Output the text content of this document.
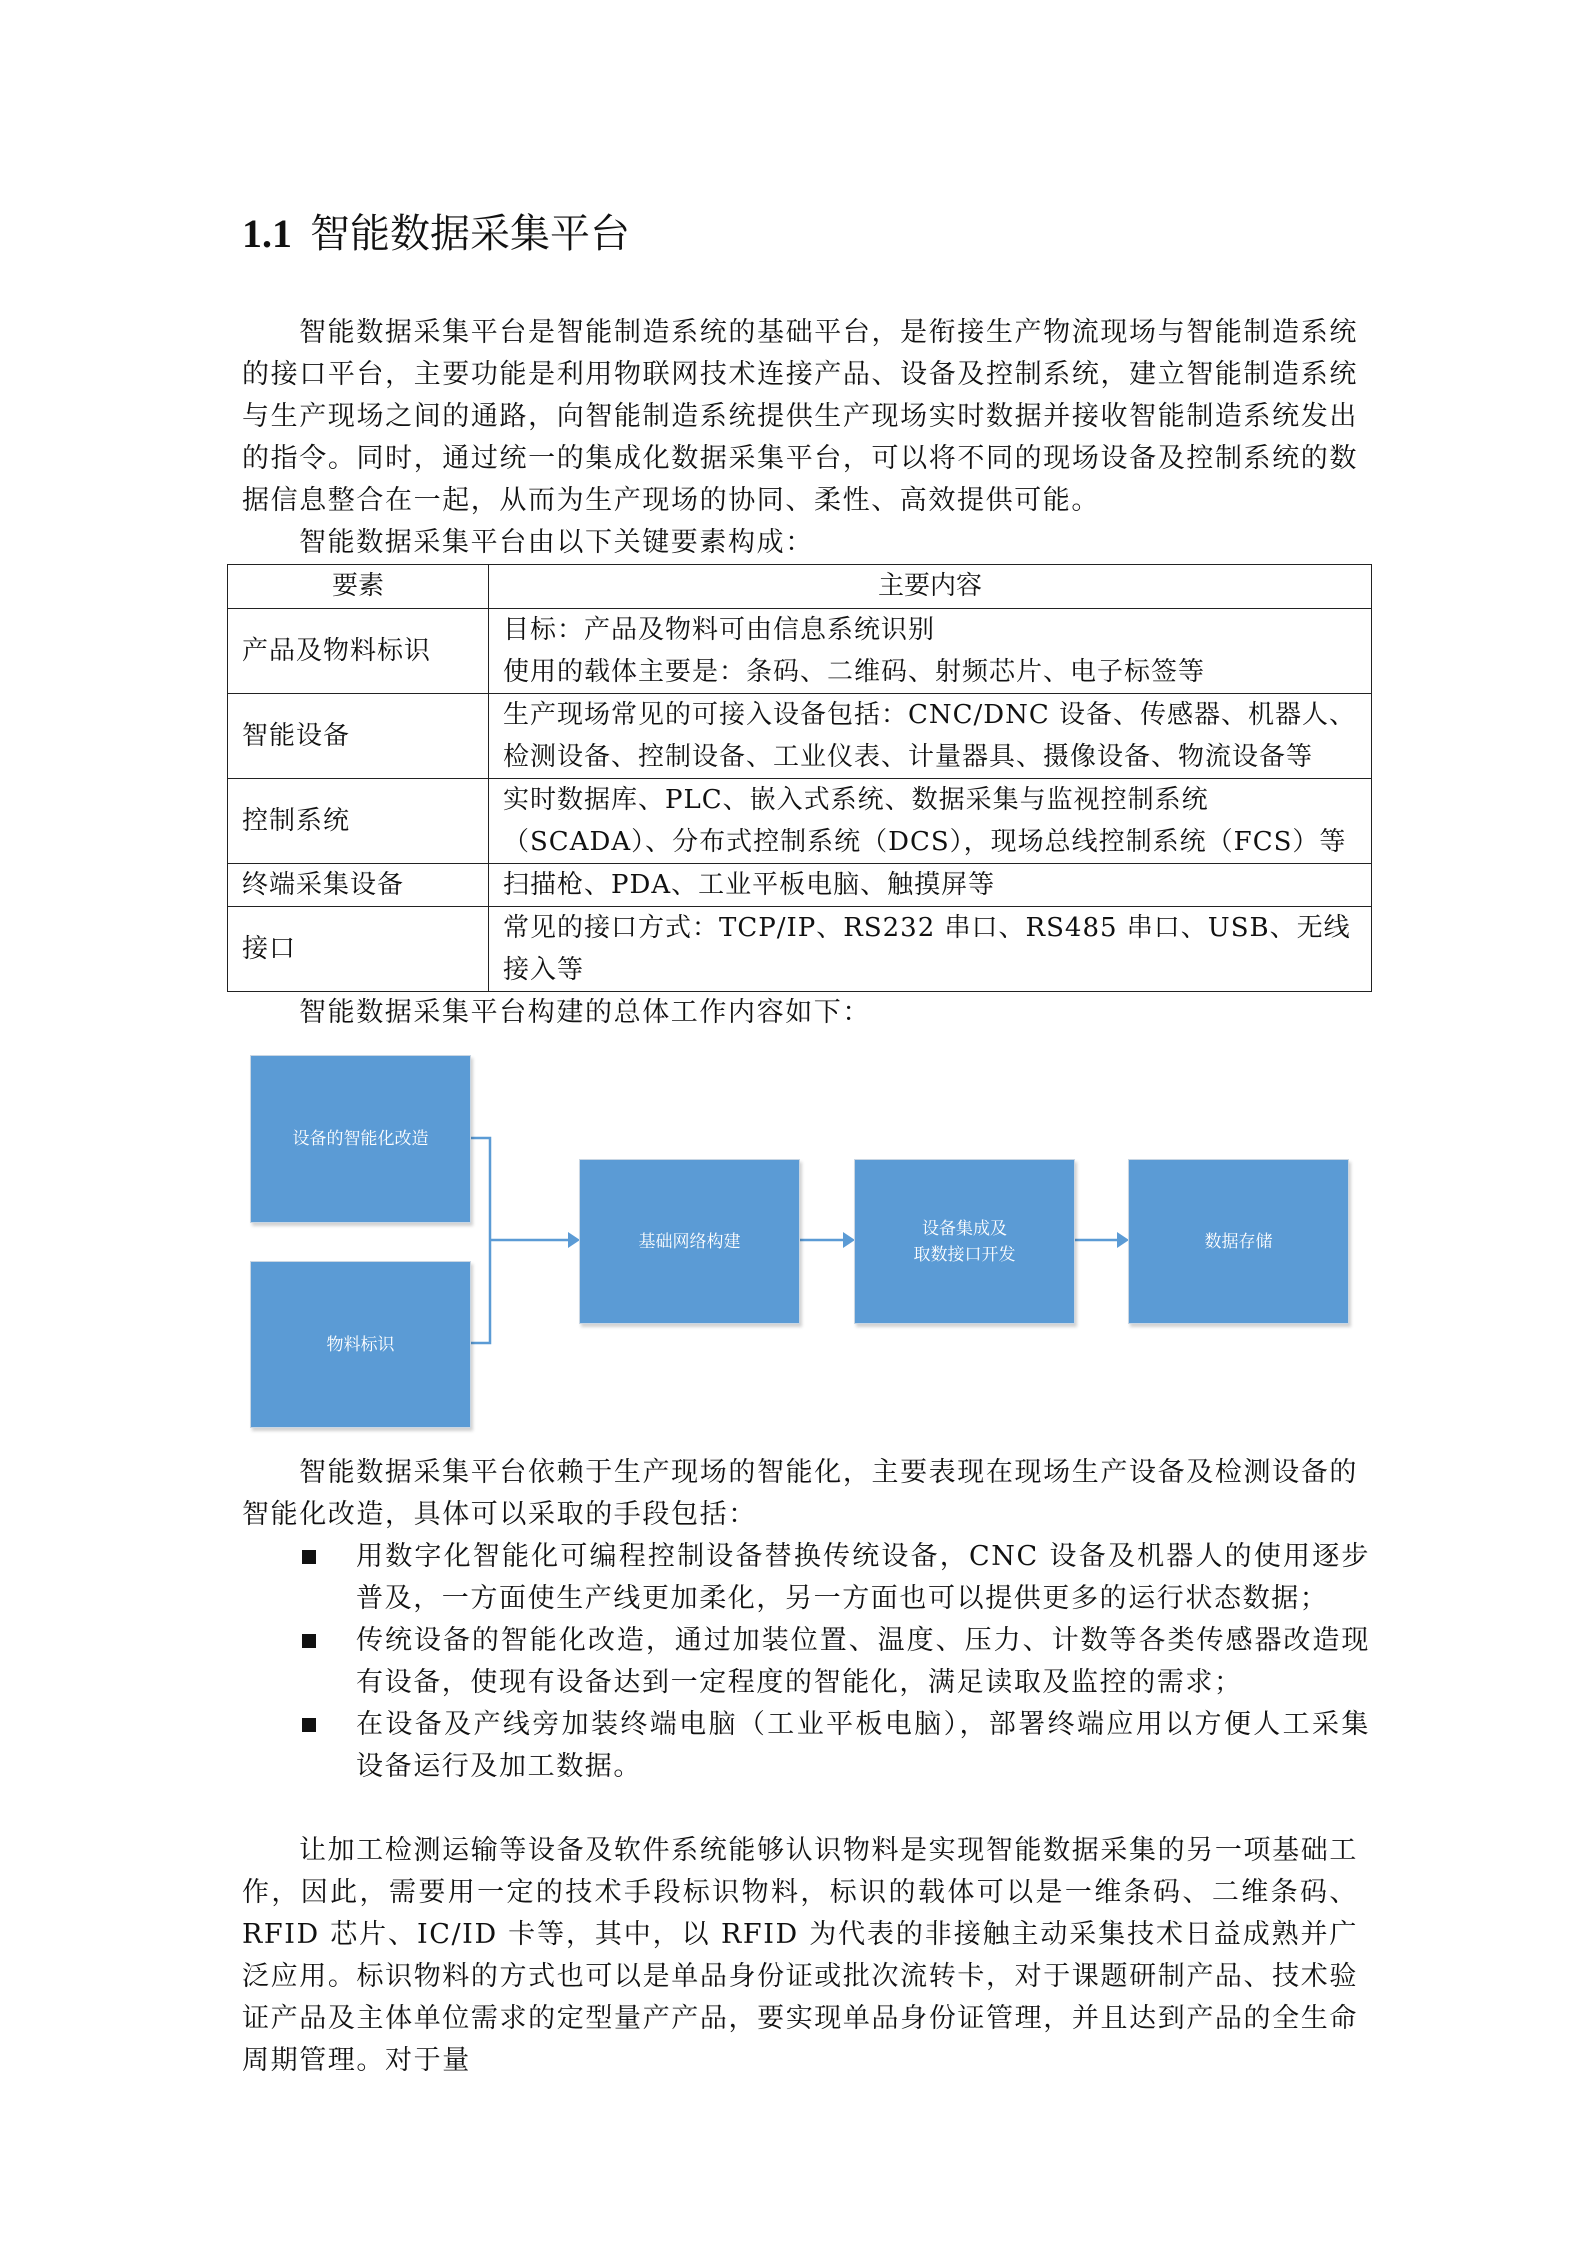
1.1 智能数据采集平台

智能数据采集平台是智能制造系统的基础平台，是衔接生产物流现场与智能制造系统的接口平台，主要功能是利用物联网技术连接产品、设备及控制系统，建立智能制造系统与生产现场之间的通路，向智能制造系统提供生产现场实时数据并接收智能制造系统发出的指令。同时，通过统一的集成化数据采集平台，可以将不同的现场设备及控制系统的数据信息整合在一起，从而为生产现场的协同、柔性、高效提供可能。

智能数据采集平台由以下关键要素构成：

要素	主要内容
产品及物料标识	目标：产品及物料可由信息系统识别
使用的载体主要是：条码、二维码、射频芯片、电子标签等

智能设备	生产现场常见的可接入设备包括：CNC/DNC 设备、传感器、机器人、检测设备、控制设备、工业仪表、计量器具、摄像设备、物流设备等
控制系统	实时数据库、PLC、嵌入式系统、数据采集与监视控制系统（SCADA）、分布式控制系统（DCS），现场总线控制系统（FCS）等
终端采集设备	扫描枪、PDA、工业平板电脑、触摸屏等
接口	常见的接口方式：TCP/IP、RS232 串口、RS485 串口、USB、无线接入等

智能数据采集平台构建的总体工作内容如下：

设备的智能化改造
物料标识
基础网络构建
设备集成及
取数接口开发
数据存储

智能数据采集平台依赖于生产现场的智能化，主要表现在现场生产设备及检测设备的智能化改造，具体可以采取的手段包括：

用数字化智能化可编程控制设备替换传统设备，CNC 设备及机器人的使用逐步普及，一方面使生产线更加柔化，另一方面也可以提供更多的运行状态数据；
传统设备的智能化改造，通过加装位置、温度、压力、计数等各类传感器改造现有设备，使现有设备达到一定程度的智能化，满足读取及监控的需求；
在设备及产线旁加装终端电脑（工业平板电脑），部署终端应用以方便人工采集设备运行及加工数据。

让加工检测运输等设备及软件系统能够认识物料是实现智能数据采集的另一项基础工作，因此，需要用一定的技术手段标识物料，标识的载体可以是一维条码、二维条码、RFID 芯片、IC/ID 卡等，其中，以 RFID 为代表的非接触主动采集技术日益成熟并广泛应用。标识物料的方式也可以是单品身份证或批次流转卡，对于课题研制产品、技术验证产品及主体单位需求的定型量产产品，要实现单品身份证管理，并且达到产品的全生命周期管理。对于量
